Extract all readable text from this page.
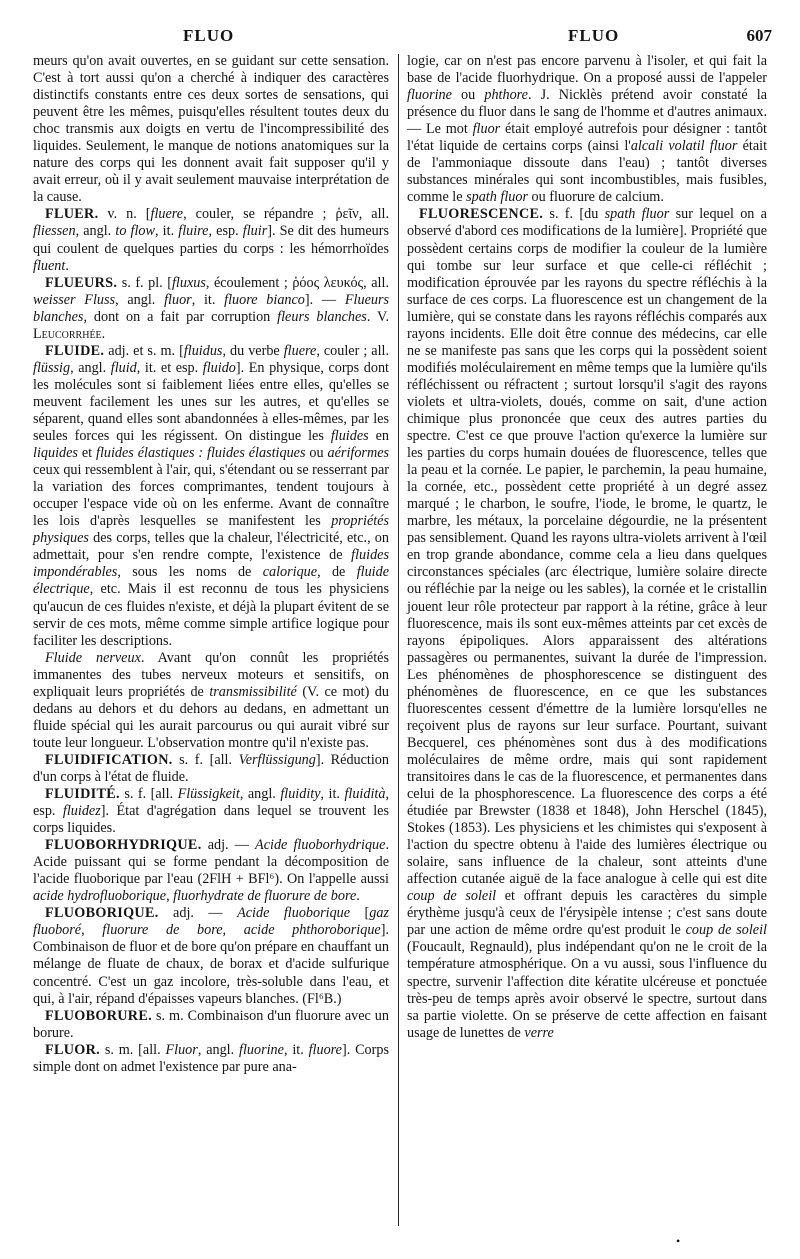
FLUO	FLUO	607

meurs qu'on avait ouvertes, en se guidant sur cette sensation. C'est à tort aussi qu'on a cherché à indiquer des caractères distinctifs constants entre ces deux sortes de sensations, qui peuvent être les mêmes, puisqu'elles résultent toutes deux du choc transmis aux doigts en vertu de l'incompressibilité des liquides. Seulement, le manque de notions anatomiques sur la nature des corps qui les donnent avait fait supposer qu'il y avait erreur, où il y avait seulement mauvaise interprétation de la cause.

FLUER. v. n. [fluere, couler, se répandre ; ῥεῖν, all. fliessen, angl. to flow, it. fluire, esp. fluir]. Se dit des humeurs qui coulent de quelques parties du corps : les hémorrhoïdes fluent.

FLUEURS. s. f. pl. [fluxus, écoulement ; ῥόος λευκός, all. weisser Fluss, angl. fluor, it. fluore bianco]. — Flueurs blanches, dont on a fait par corruption fleurs blanches. V. Leucorrhée.

FLUIDE. adj. et s. m. [fluidus, du verbe fluere, couler ; all. flüssig, angl. fluid, it. et esp. fluido]. En physique, corps dont les molécules sont si faiblement liées entre elles, qu'elles se meuvent facilement les unes sur les autres, et qu'elles se séparent, quand elles sont abandonnées à elles-mêmes, par les seules forces qui les régissent. On distingue les fluides en liquides et fluides élastiques : fluides élastiques ou aériformes ceux qui ressemblent à l'air, qui, s'étendant ou se resserrant par la variation des forces comprimantes, tendent toujours à occuper l'espace vide où on les enferme. Avant de connaître les lois d'après lesquelles se manifestent les propriétés physiques des corps, telles que la chaleur, l'électricité, etc., on admettait, pour s'en rendre compte, l'existence de fluides impondérables, sous les noms de calorique, de fluide électrique, etc. Mais il est reconnu de tous les physiciens qu'aucun de ces fluides n'existe, et déjà la plupart évitent de se servir de ces mots, même comme simple artifice logique pour faciliter les descriptions.

Fluide nerveux. Avant qu'on connût les propriétés immanentes des tubes nerveux moteurs et sensitifs, on expliquait leurs propriétés de transmissibilité (V. ce mot) du dedans au dehors et du dehors au dedans, en admettant un fluide spécial qui les aurait parcourus ou qui aurait vibré sur toute leur longueur. L'observation montre qu'il n'existe pas.

FLUIDIFICATION. s. f. [all. Verflüssigung]. Réduction d'un corps à l'état de fluide.

FLUIDITÉ. s. f. [all. Flüssigkeit, angl. fluidity, it. fluidità, esp. fluidez]. État d'agrégation dans lequel se trouvent les corps liquides.

FLUOBORHYDRIQUE. adj. — Acide fluoborhydrique. Acide puissant qui se forme pendant la décomposition de l'acide fluoborique par l'eau (2FlH + BFl⁶). On l'appelle aussi acide hydrofluoborique, fluorhydrate de fluorure de bore.

FLUOBORIQUE. adj. — Acide fluoborique [gaz fluoboré, fluorure de bore, acide phthoroborique]. Combinaison de fluor et de bore qu'on prépare en chauffant un mélange de fluate de chaux, de borax et d'acide sulfurique concentré. C'est un gaz incolore, très-soluble dans l'eau, et qui, à l'air, répand d'épaisses vapeurs blanches. (Fl⁶B.)

FLUOBORURE. s. m. Combinaison d'un fluorure avec un borure.

FLUOR. s. m. [all. Fluor, angl. fluorine, it. fluore]. Corps simple dont on admet l'existence par pure ana-

logie, car on n'est pas encore parvenu à l'isoler, et qui fait la base de l'acide fluorhydrique. On a proposé aussi de l'appeler fluorine ou phthore. J. Nicklès prétend avoir constaté la présence du fluor dans le sang de l'homme et d'autres animaux. — Le mot fluor était employé autrefois pour désigner : tantôt l'état liquide de certains corps (ainsi l'alcali volatil fluor était de l'ammoniaque dissoute dans l'eau) ; tantôt diverses substances minérales qui sont incombustibles, mais fusibles, comme le spath fluor ou fluorure de calcium.

FLUORESCENCE. s. f. [du spath fluor sur lequel on a observé d'abord ces modifications de la lumière]. Propriété que possèdent certains corps de modifier la couleur de la lumière qui tombe sur leur surface et que celle-ci réfléchit ; modification éprouvée par les rayons du spectre réfléchis à la surface de ces corps. La fluorescence est un changement de la lumière, qui se constate dans les rayons réfléchis comparés aux rayons incidents. Elle doit être connue des médecins, car elle ne se manifeste pas sans que les corps qui la possèdent soient modifiés moléculairement en même temps que la lumière qu'ils réfléchissent ou réfractent ; surtout lorsqu'il s'agit des rayons violets et ultra-violets, doués, comme on sait, d'une action chimique plus prononcée que ceux des autres parties du spectre. C'est ce que prouve l'action qu'exerce la lumière sur les parties du corps humain douées de fluorescence, telles que la peau et la cornée. Le papier, le parchemin, la peau humaine, la cornée, etc., possèdent cette propriété à un degré assez marqué ; le charbon, le soufre, l'iode, le brome, le quartz, le marbre, les métaux, la porcelaine dégourdie, ne la présentent pas sensiblement. Quand les rayons ultra-violets arrivent à l'œil en trop grande abondance, comme cela a lieu dans quelques circonstances spéciales (arc électrique, lumière solaire directe ou réfléchie par la neige ou les sables), la cornée et le cristallin jouent leur rôle protecteur par rapport à la rétine, grâce à leur fluorescence, mais ils sont eux-mêmes atteints par cet excès de rayons épipoliques. Alors apparaissent des altérations passagères ou permanentes, suivant la durée de l'impression. Les phénomènes de phosphorescence se distinguent des phénomènes de fluorescence, en ce que les substances fluorescentes cessent d'émettre de la lumière lorsqu'elles ne reçoivent plus de rayons sur leur surface. Pourtant, suivant Becquerel, ces phénomènes sont dus à des modifications moléculaires de même ordre, mais qui sont rapidement transitoires dans le cas de la fluorescence, et permanentes dans celui de la phosphorescence. La fluorescence des corps a été étudiée par Brewster (1838 et 1848), John Herschel (1845), Stokes (1853). Les physiciens et les chimistes qui s'exposent à l'action du spectre obtenu à l'aide des lumières électrique ou solaire, sans influence de la chaleur, sont atteints d'une affection cutanée aiguë de la face analogue à celle qui est dite coup de soleil et offrant depuis les caractères du simple érythème jusqu'à ceux de l'érysipèle intense ; c'est sans doute par une action de même ordre qu'est produit le coup de soleil (Foucault, Regnauld), plus indépendant qu'on ne le croit de la température atmosphérique. On a vu aussi, sous l'influence du spectre, survenir l'affection dite kératite ulcéreuse et ponctuée très-peu de temps après avoir observé le spectre, surtout dans sa partie violette. On se préserve de cette affection en faisant usage de lunettes de verre

•
